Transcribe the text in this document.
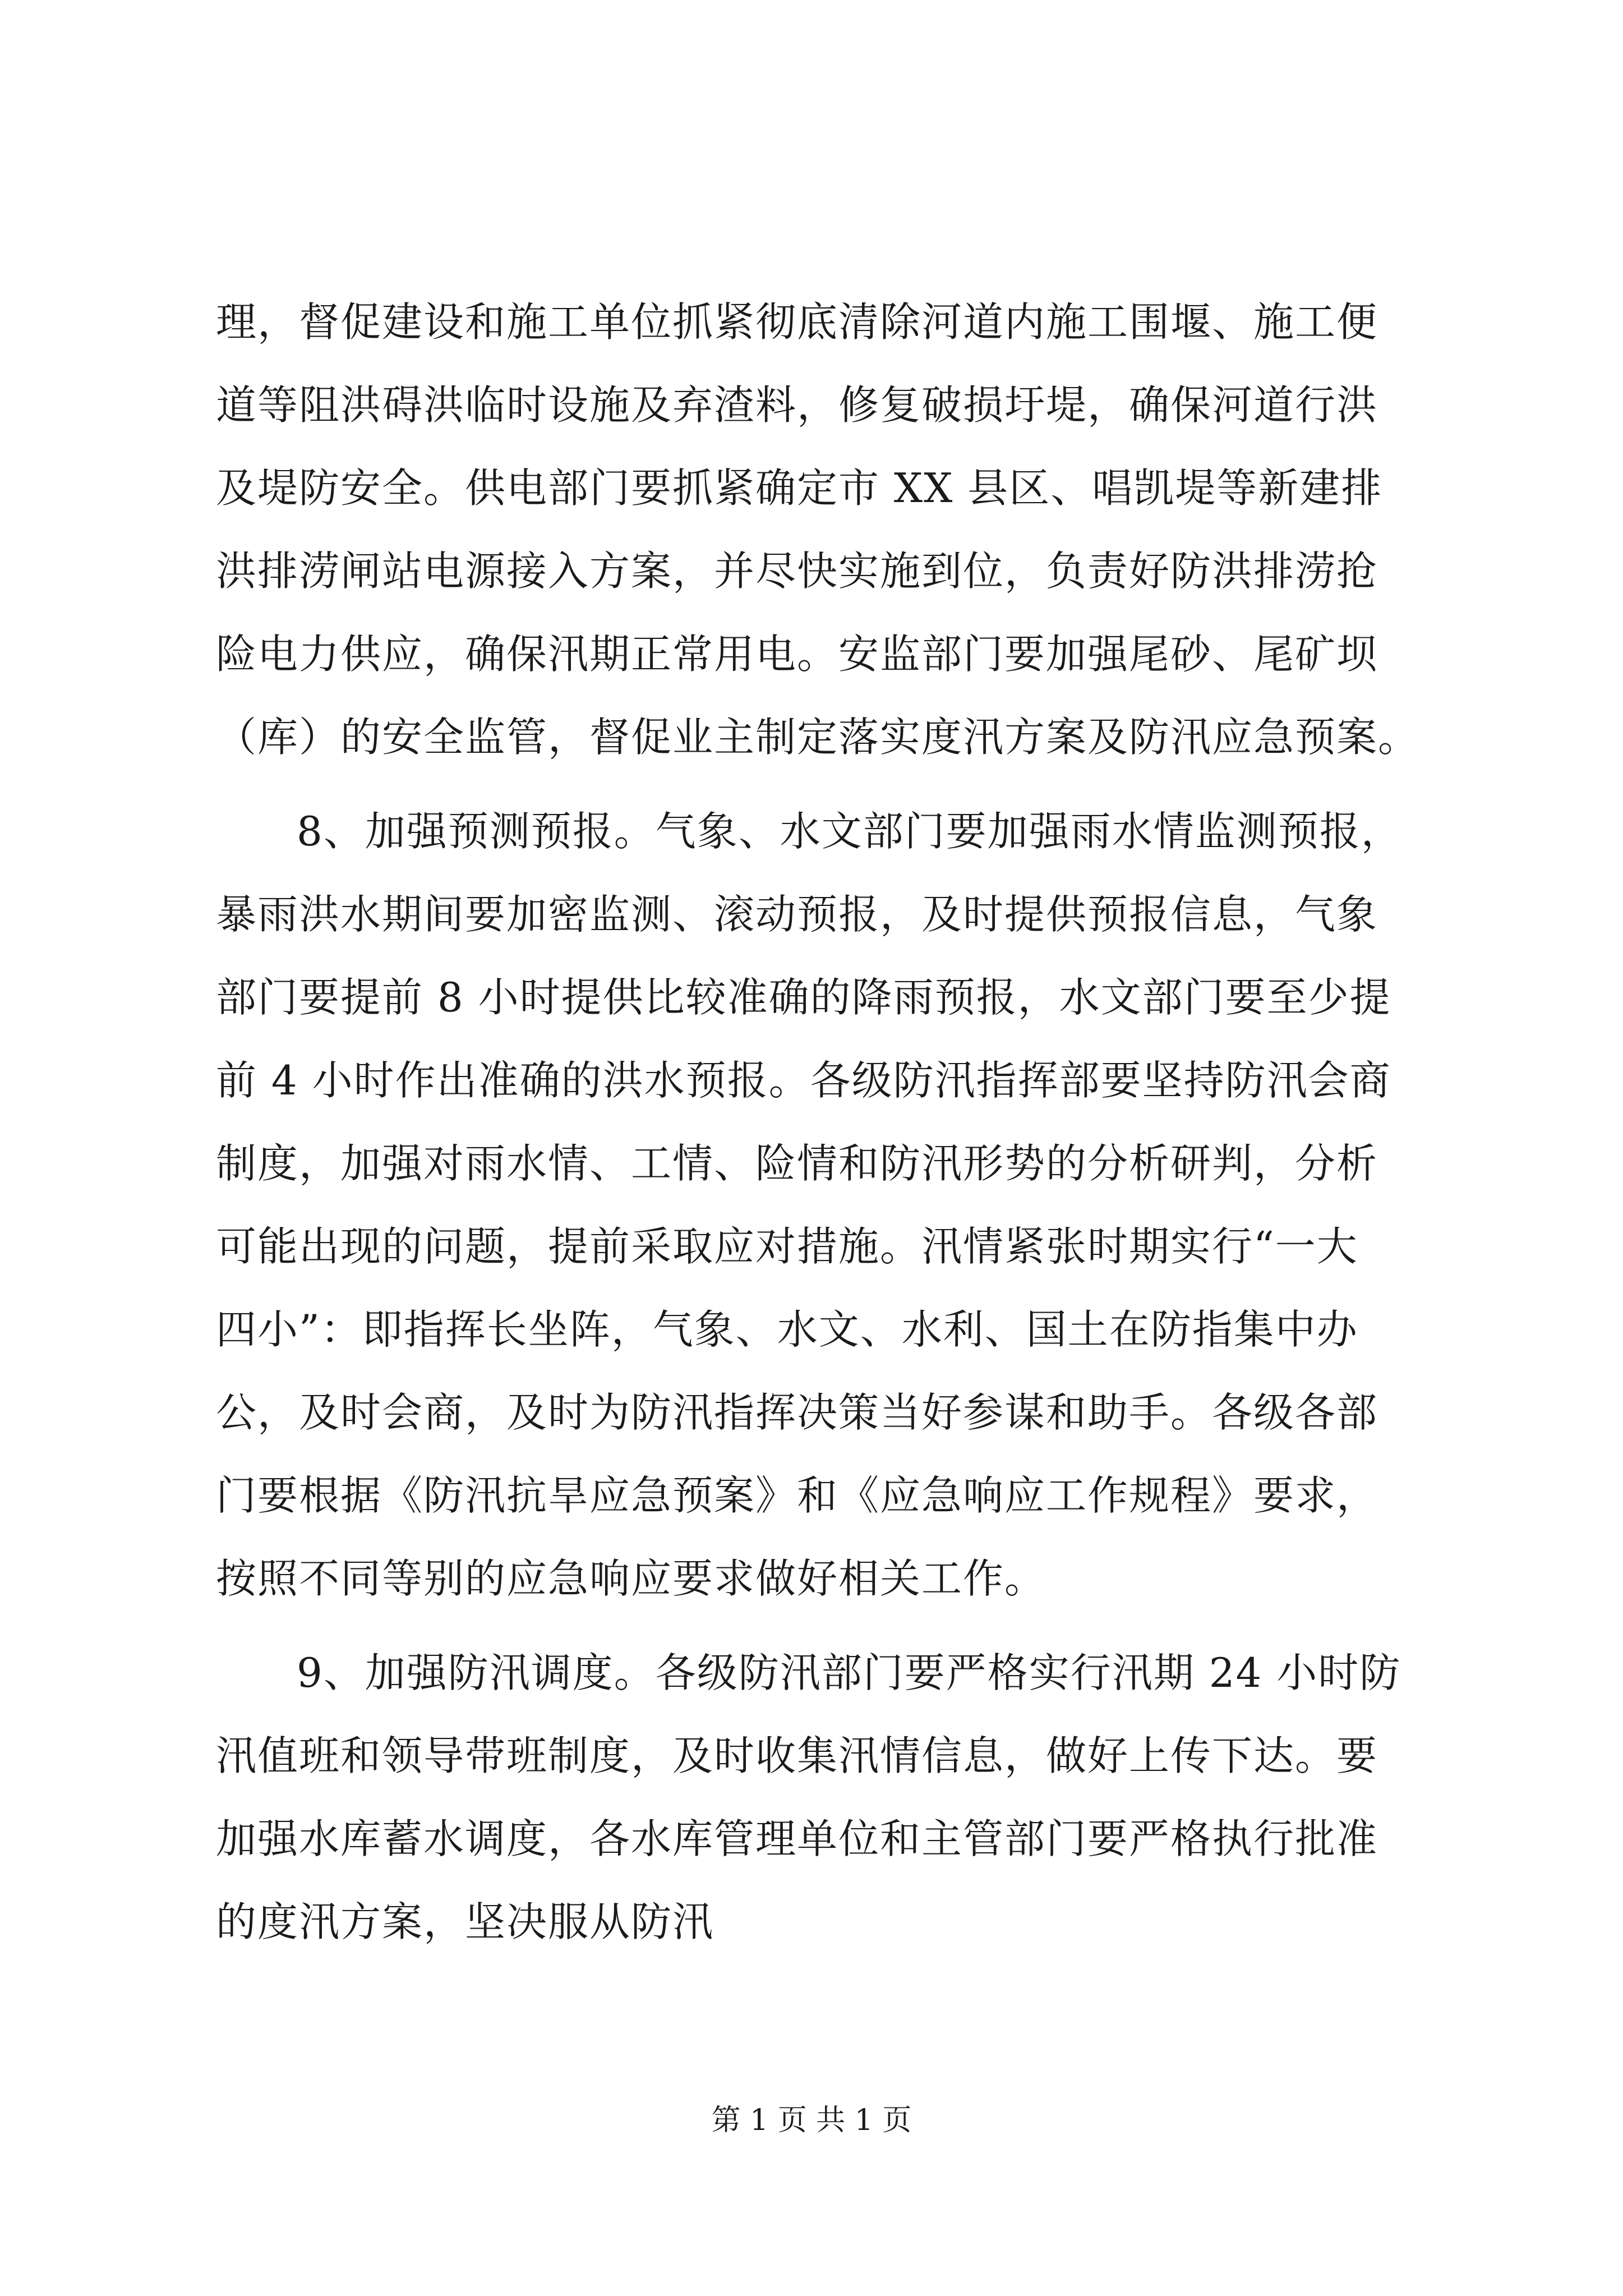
理，督促建设和施工单位抓紧彻底清除河道内施工围堰、施工便
道等阻洪碍洪临时设施及弃渣料，修复破损圩堤，确保河道行洪
及堤防安全。供电部门要抓紧确定市 XX 县区、唱凯堤等新建排
洪排涝闸站电源接入方案，并尽快实施到位，负责好防洪排涝抢
险电力供应，确保汛期正常用电。安监部门要加强尾砂、尾矿坝
（库）的安全监管，督促业主制定落实度汛方案及防汛应急预案。
8、加强预测预报。气象、水文部门要加强雨水情监测预报，
暴雨洪水期间要加密监测、滚动预报，及时提供预报信息，气象
部门要提前 8 小时提供比较准确的降雨预报，水文部门要至少提
前 4 小时作出准确的洪水预报。各级防汛指挥部要坚持防汛会商
制度，加强对雨水情、工情、险情和防汛形势的分析研判，分析
可能出现的问题，提前采取应对措施。汛情紧张时期实行“一大
四小”：即指挥长坐阵，气象、水文、水利、国土在防指集中办
公，及时会商，及时为防汛指挥决策当好参谋和助手。各级各部
门要根据《防汛抗旱应急预案》和《应急响应工作规程》要求，
按照不同等别的应急响应要求做好相关工作。
9、加强防汛调度。各级防汛部门要严格实行汛期 24 小时防
汛值班和领导带班制度，及时收集汛情信息，做好上传下达。要
加强水库蓄水调度，各水库管理单位和主管部门要严格执行批准
的度汛方案，坚决服从防汛
第 1 页 共 1 页
